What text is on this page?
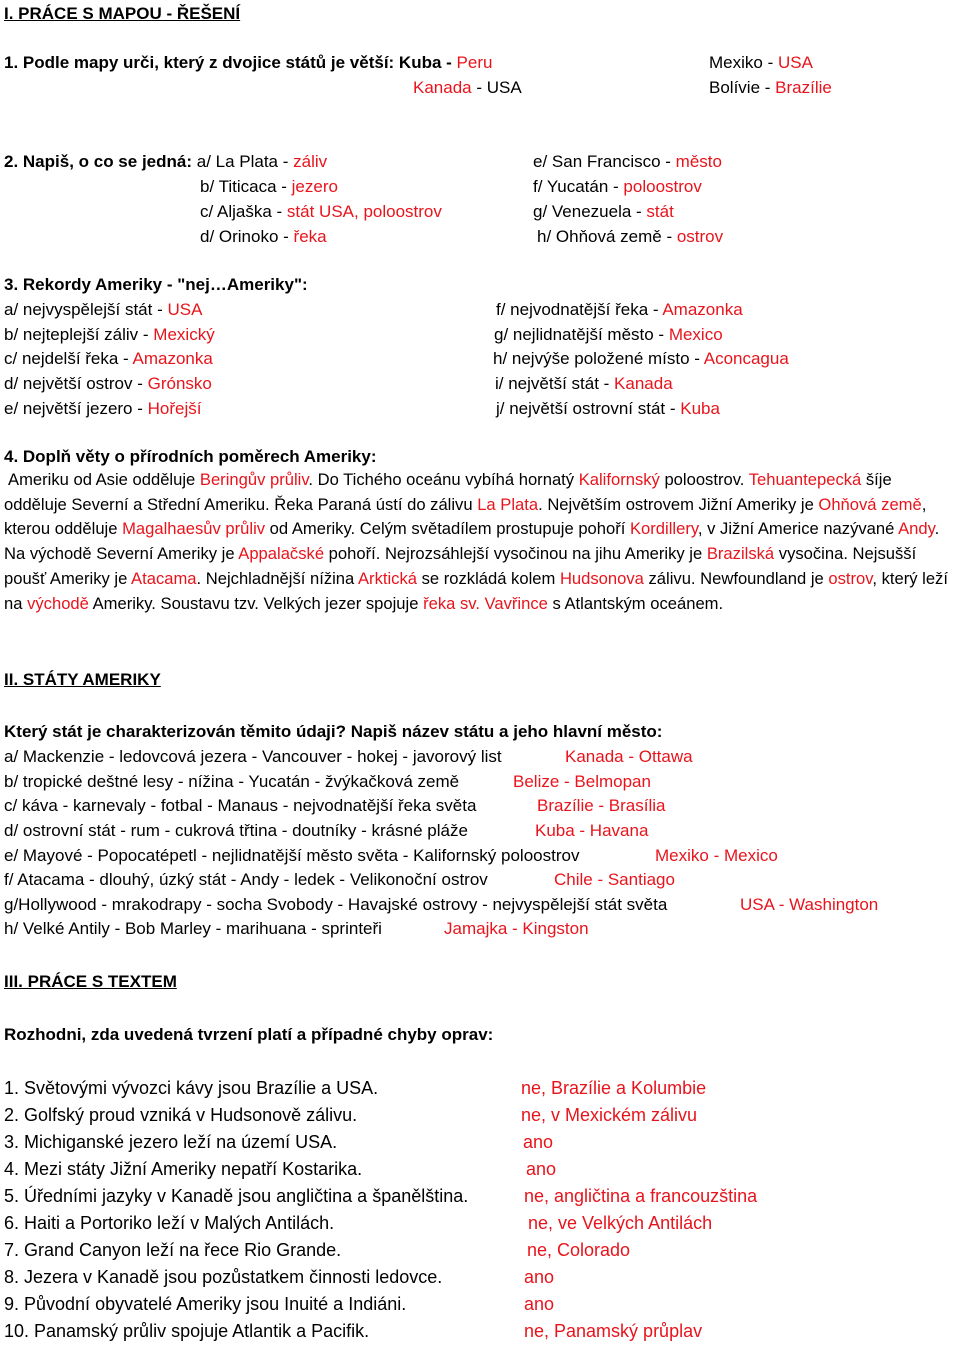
I. PRÁCE S MAPOU - ŘEŠENÍ
1. Podle mapy urči, který z dvojice států je větší: Kuba - Peru	Mexiko - USA
Kanada - USA	Bolívie - Brazílie
2. Napiš, o co se jedná: a/ La Plata - záliv
b/ Titicaca - jezero
c/ Aljaška - stát USA, poloostrov
d/ Orinoko - řeka
e/ San Francisco - město
f/ Yucatán - poloostrov
g/ Venezuela - stát
h/ Ohňová země - ostrov
3. Rekordy Ameriky - "nej…Ameriky":
a/ nejvyspělejší stát - USA
b/ nejteplejší záliv - Mexický
c/ nejdelší řeka - Amazonka
d/ největší ostrov - Grónsko
e/ největší jezero - Hořejší
f/ nejvodnatější řeka - Amazonka
g/ nejlidnatější město - Mexico
h/ nejvýše položené místo - Aconcagua
i/ největší stát - Kanada
j/ největší ostrovní stát - Kuba
4. Doplň věty o přírodních poměrech Ameriky:
Ameriku od Asie odděluje Beringův průliv. Do Tichého oceánu vybíhá hornatý Kalifornský poloostrov. Tehuantepecká šíje odděluje Severní a Střední Ameriku. Řeka Paraná ústí do zálivu La Plata. Největším ostrovem Jižní Ameriky je Ohňová země, kterou odděluje Magalhaesův průliv od Ameriky. Celým světadílem prostupuje pohoří Kordillery, v Jižní Americe nazývané Andy. Na východě Severní Ameriky je Appalačské pohoří. Nejrozsáhlejší vysočinou na jihu Ameriky je Brazilská vysočina. Nejsušší poušť Ameriky je Atacama. Nejchladnější nížina Arktická se rozkládá kolem Hudsonova zálivu. Newfoundland je ostrov, který leží na východě Ameriky. Soustavu tzv. Velkých jezer spojuje řeka sv. Vavřince s Atlantským oceánem.
II. STÁTY AMERIKY
Který stát je charakterizován těmito údaji? Napiš název státu a jeho hlavní město:
a/ Mackenzie - ledovcová jezera - Vancouver - hokej - javorový list	Kanada - Ottawa
b/ tropické deštné lesy - nížina - Yucatán - žvýkačková země	Belize - Belmopan
c/ káva - karnevaly - fotbal - Manaus - nejvodnatější řeka světa	Brazílie - Brasília
d/ ostrovní stát - rum - cukrová třtina - doutníky - krásné pláže	Kuba - Havana
e/ Mayové - Popocatépetl - nejlidnatější město světa - Kalifornský poloostrov	Mexiko - Mexico
f/ Atacama - dlouhý, úzký stát - Andy - ledek - Velikonoční ostrov	Chile - Santiago
g/Hollywood - mrakodrapy - socha Svobody - Havajské ostrovy - nejvyspělejší stát světa	USA - Washington
h/ Velké Antily - Bob Marley - marihuana - sprinteři	Jamajka - Kingston
III. PRÁCE S TEXTEM
Rozhodni, zda uvedená tvrzení platí a případné chyby oprav:
1. Světovými vývozci kávy jsou Brazílie a USA.	ne, Brazílie a Kolumbie
2. Golfský proud vzniká v Hudsonově zálivu.	ne, v Mexickém zálivu
3. Michiganské jezero leží na území USA.	ano
4. Mezi státy Jižní Ameriky nepatří Kostarika.	ano
5. Úředními jazyky v Kanadě jsou angličtina a španělština.	ne, angličtina a francouzština
6. Haiti a Portoriko leží v Malých Antilách.	ne, ve Velkých Antilách
7. Grand Canyon leží na řece Rio Grande.	ne, Colorado
8. Jezera v Kanadě jsou pozůstatkem činnosti ledovce.	ano
9. Původní obyvatelé Ameriky jsou Inuité a Indiáni.	ano
10. Panamský průliv spojuje Atlantik a Pacifik.	ne, Panamský průplav
